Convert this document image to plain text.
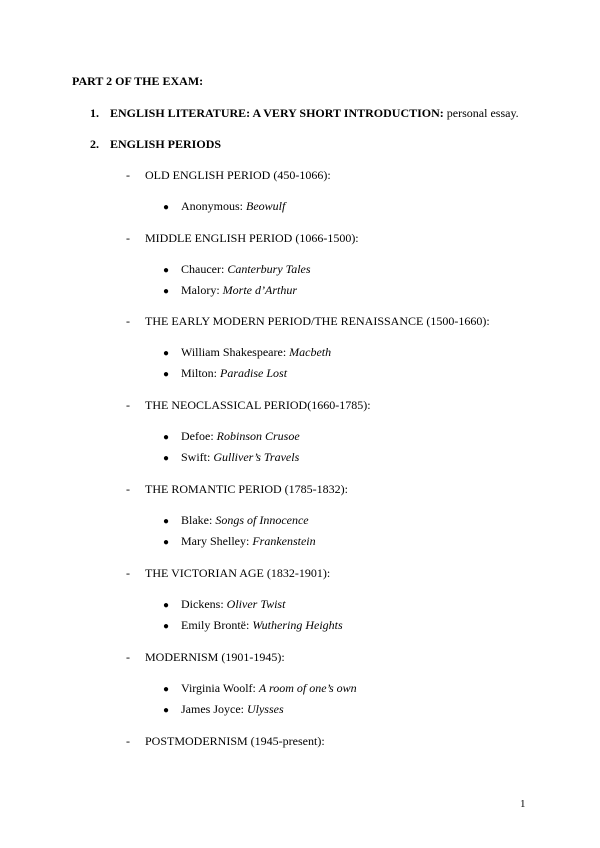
PART 2 OF THE EXAM:
1. ENGLISH LITERATURE: A VERY SHORT INTRODUCTION: personal essay.
2. ENGLISH PERIODS
- OLD ENGLISH PERIOD (450-1066):
● Anonymous: Beowulf
- MIDDLE ENGLISH PERIOD (1066-1500):
● Chaucer: Canterbury Tales
● Malory: Morte d’Arthur
- THE EARLY MODERN PERIOD/THE RENAISSANCE (1500-1660):
● William Shakespeare: Macbeth
● Milton: Paradise Lost
- THE NEOCLASSICAL PERIOD(1660-1785):
● Defoe: Robinson Crusoe
● Swift: Gulliver’s Travels
- THE ROMANTIC PERIOD (1785-1832):
● Blake: Songs of Innocence
● Mary Shelley: Frankenstein
- THE VICTORIAN AGE (1832-1901):
● Dickens: Oliver Twist
● Emily Brontë: Wuthering Heights
- MODERNISM (1901-1945):
● Virginia Woolf: A room of one’s own
● James Joyce: Ulysses
- POSTMODERNISM (1945-present):
1
